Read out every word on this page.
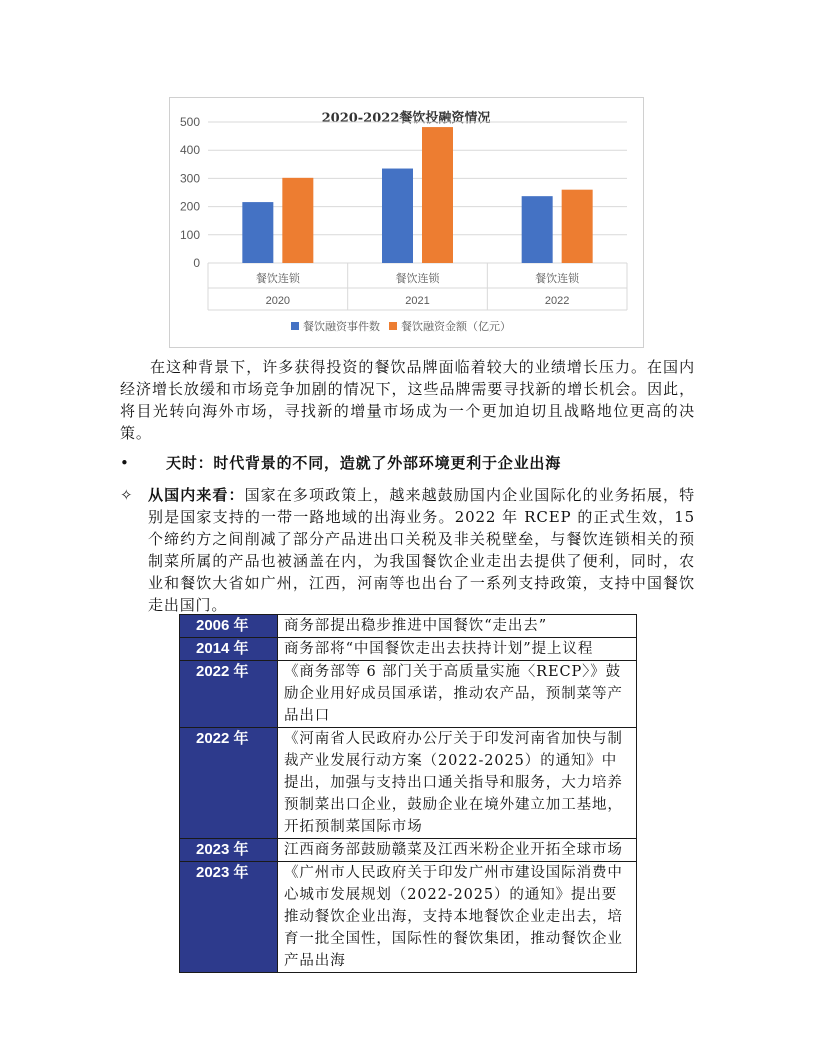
2020-2022餐饮投融资情况
0
100
200
300
400
500
餐饮连锁
2020
餐饮连锁
2021
餐饮连锁
2022
餐饮融资事件数 餐饮融资金额（亿元）
在这种背景下，许多获得投资的餐饮品牌面临着较大的业绩增长压力。在国内经济增长放缓和市场竞争加剧的情况下，这些品牌需要寻找新的增长机会。因此，将目光转向海外市场，寻找新的增量市场成为一个更加迫切且战略地位更高的决策。
• 天时：时代背景的不同，造就了外部环境更利于企业出海
✧ 从国内来看：国家在多项政策上，越来越鼓励国内企业国际化的业务拓展，特别是国家支持的一带一路地域的出海业务。2022 年 RCEP 的正式生效，15 个缔约方之间削减了部分产品进出口关税及非关税壁垒，与餐饮连锁相关的预制菜所属的产品也被涵盖在内，为我国餐饮企业走出去提供了便利，同时，农业和餐饮大省如广州，江西，河南等也出台了一系列支持政策，支持中国餐饮走出国门。
2006 年	商务部提出稳步推进中国餐饮“走出去”
2014 年	商务部将“中国餐饮走出去扶持计划”提上议程
2022 年	《商务部等 6 部门关于高质量实施〈RECP〉》鼓励企业用好成员国承诺，推动农产品，预制菜等产品出口
2022 年	《河南省人民政府办公厅关于印发河南省加快与制裁产业发展行动方案（2022-2025）的通知》中提出，加强与支持出口通关指导和服务，大力培养预制菜出口企业，鼓励企业在境外建立加工基地，开拓预制菜国际市场
2023 年	江西商务部鼓励赣菜及江西米粉企业开拓全球市场
2023 年	《广州市人民政府关于印发广州市建设国际消费中心城市发展规划（2022-2025）的通知》提出要推动餐饮企业出海，支持本地餐饮企业走出去，培育一批全国性，国际性的餐饮集团，推动餐饮企业产品出海
